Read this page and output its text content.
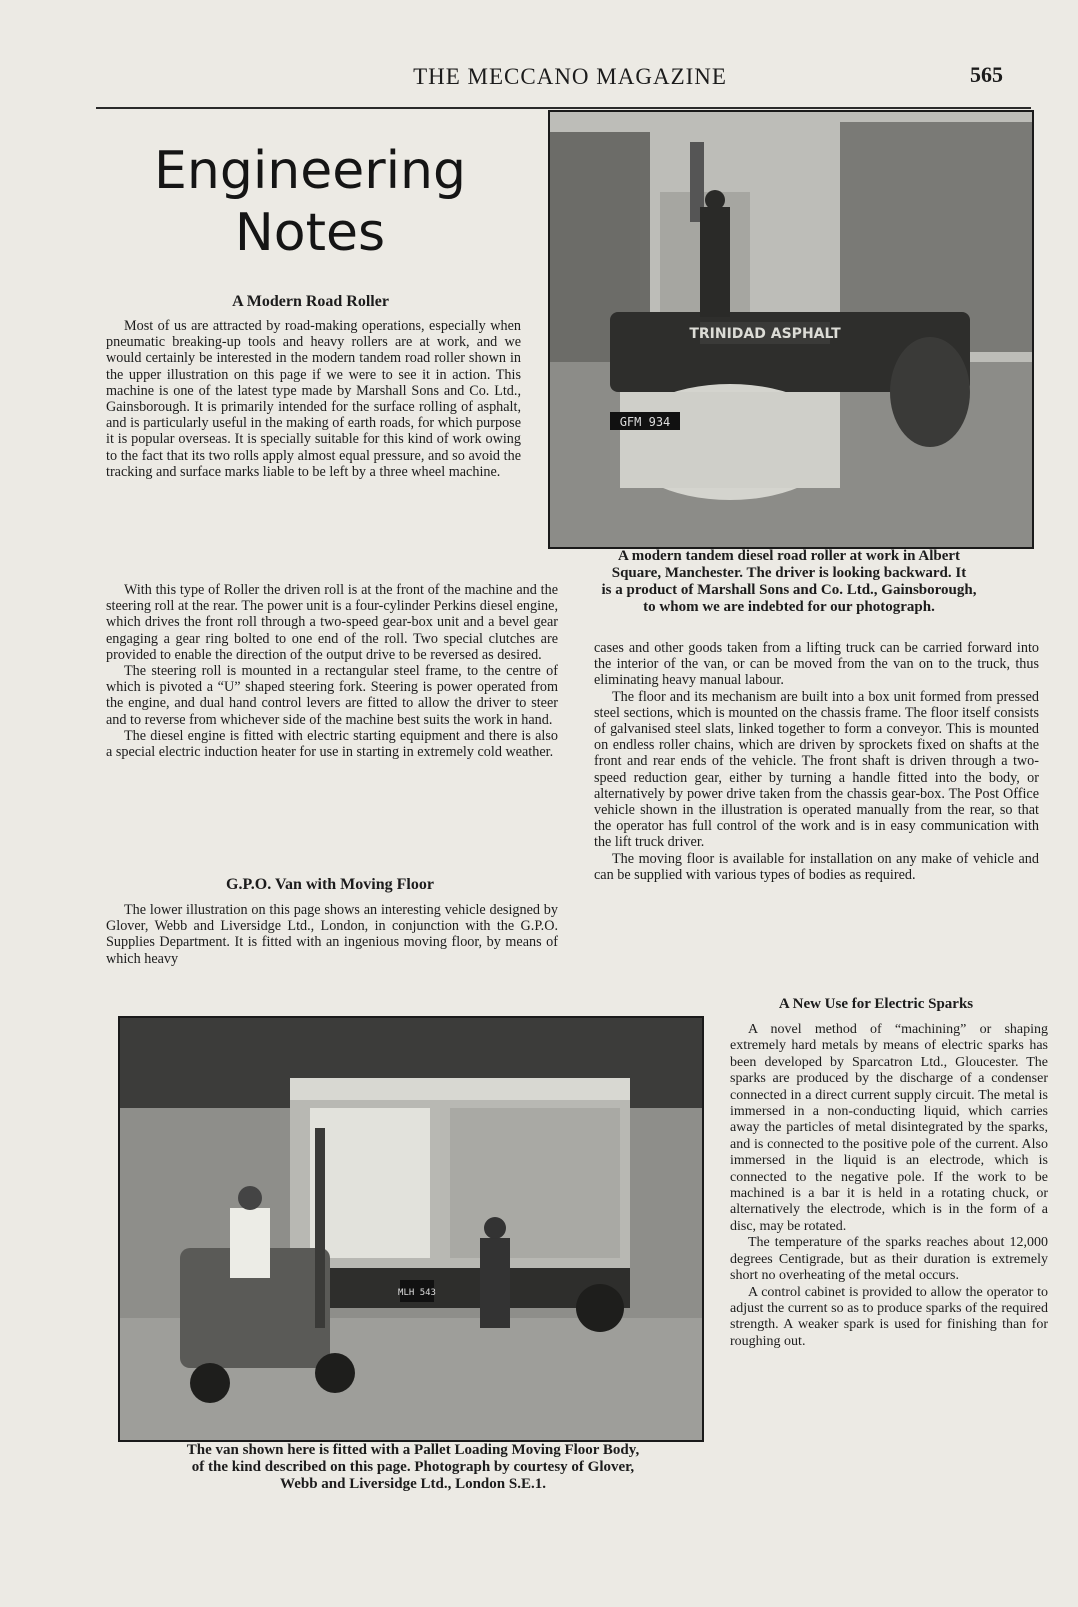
THE MECCANO MAGAZINE	565
Engineering
Notes
A Modern Road Roller

Most of us are attracted by road-making operations, especially when pneumatic breaking-up tools and heavy rollers are at work, and we would certainly be interested in the modern tandem road roller shown in the upper illustration on this page if we were to see it in action. This machine is one of the latest type made by Marshall Sons and Co. Ltd., Gainsborough. It is primarily intended for the surface rolling of asphalt, and is particularly useful in the making of earth roads, for which purpose it is popular overseas. It is specially suitable for this kind of work owing to the fact that its two rolls apply almost equal pressure, and so avoid the tracking and surface marks liable to be left by a three wheel machine.

With this type of Roller the driven roll is at the front of the machine and the steering roll at the rear. The power unit is a four-cylinder Perkins diesel engine, which drives the front roll through a two-speed gear-box unit and a bevel gear engaging a gear ring bolted to one end of the roll. Two special clutches are provided to enable the direction of the output drive to be reversed as desired.

The steering roll is mounted in a rectangular steel frame, to the centre of which is pivoted a “U” shaped steering fork. Steering is power operated from the engine, and dual hand control levers are fitted to allow the driver to steer and to reverse from whichever side of the machine best suits the work in hand.

The diesel engine is fitted with electric starting equipment and there is also a special electric induction heater for use in starting in extremely cold weather.

TRINIDAD ASPHALT
GFM 934
A modern tandem diesel road roller at work in Albert
Square, Manchester. The driver is looking backward. It
is a product of Marshall Sons and Co. Ltd., Gainsborough,
to whom we are indebted for our photograph.
G.P.O. Van with Moving Floor

The lower illustration on this page shows an interesting vehicle designed by Glover, Webb and Liversidge Ltd., London, in conjunction with the G.P.O. Supplies Department. It is fitted with an ingenious moving floor, by means of which heavy

cases and other goods taken from a lifting truck can be carried forward into the interior of the van, or can be moved from the van on to the truck, thus eliminating heavy manual labour.

The floor and its mechanism are built into a box unit formed from pressed steel sections, which is mounted on the chassis frame. The floor itself consists of galvanised steel slats, linked together to form a conveyor. This is mounted on endless roller chains, which are driven by sprockets fixed on shafts at the front and rear ends of the vehicle. The front shaft is driven through a two-speed reduction gear, either by turning a handle fitted into the body, or alternatively by power drive taken from the chassis gear-box. The Post Office vehicle shown in the illustration is operated manually from the rear, so that the operator has full control of the work and is in easy communication with the lift truck driver.

The moving floor is available for installation on any make of vehicle and can be supplied with various types of bodies as required.

MLH 543
The van shown here is fitted with a Pallet Loading Moving Floor Body,
of the kind described on this page. Photograph by courtesy of Glover,
Webb and Liversidge Ltd., London S.E.1.
A New Use for Electric Sparks

A novel method of “machining” or shaping extremely hard metals by means of electric sparks has been developed by Sparcatron Ltd., Gloucester. The sparks are produced by the discharge of a condenser connected in a direct current supply circuit. The metal is immersed in a non-conducting liquid, which carries away the particles of metal disintegrated by the sparks, and is connected to the positive pole of the current. Also immersed in the liquid is an electrode, which is connected to the negative pole. If the work to be machined is a bar it is held in a rotating chuck, or alternatively the electrode, which is in the form of a disc, may be rotated.

The temperature of the sparks reaches about 12,000 degrees Centigrade, but as their duration is extremely short no overheating of the metal occurs.

A control cabinet is provided to allow the operator to adjust the current so as to produce sparks of the required strength. A weaker spark is used for finishing than for roughing out.
